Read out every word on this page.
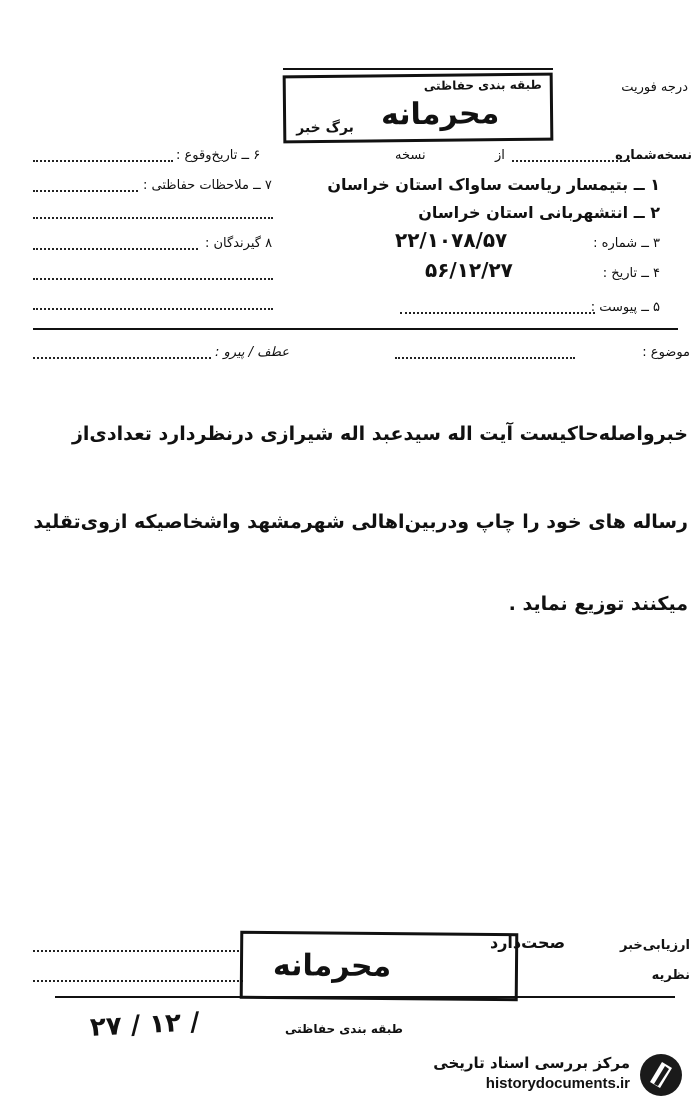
درجه فوریت
طبقه بندی حفاظتی
محرمانه
برگ خبر
نسخه‌شماره
از
نسخه
۶ ــ تاریخ‌وقوع :
۱ ــ بتیمسار ریاست ساواک استان خراسان
۷ ــ ملاحظات حفاظتی :
۲ ــ انتشهربانی استان خراسان
۳ ــ شماره :
۲۲/۱۰۷۸/۵۷
۸ گیرندگان :
۴ ــ تاریخ :
۵۶/۱۲/۲۷
۵ ــ پیوست :
موضوع :
عطف / پیرو :
خبرواصله‌حاکیست آیت اله سیدعبد اله شیرازی درنظردارد تعدادی‌از
رساله های خود را چاپ ودربین‌اهالی شهرمشهد واشخاصیکه ازوی‌تقلید
میکنند توزیع نماید .
ارزیابی‌خبر
صحت‌دارد
نظریه
محرمانه
طبقه بندی حفاظتی
۲۷ / ۱۲ /
مرکز بررسی اسناد تاریخی
historydocuments.ir
